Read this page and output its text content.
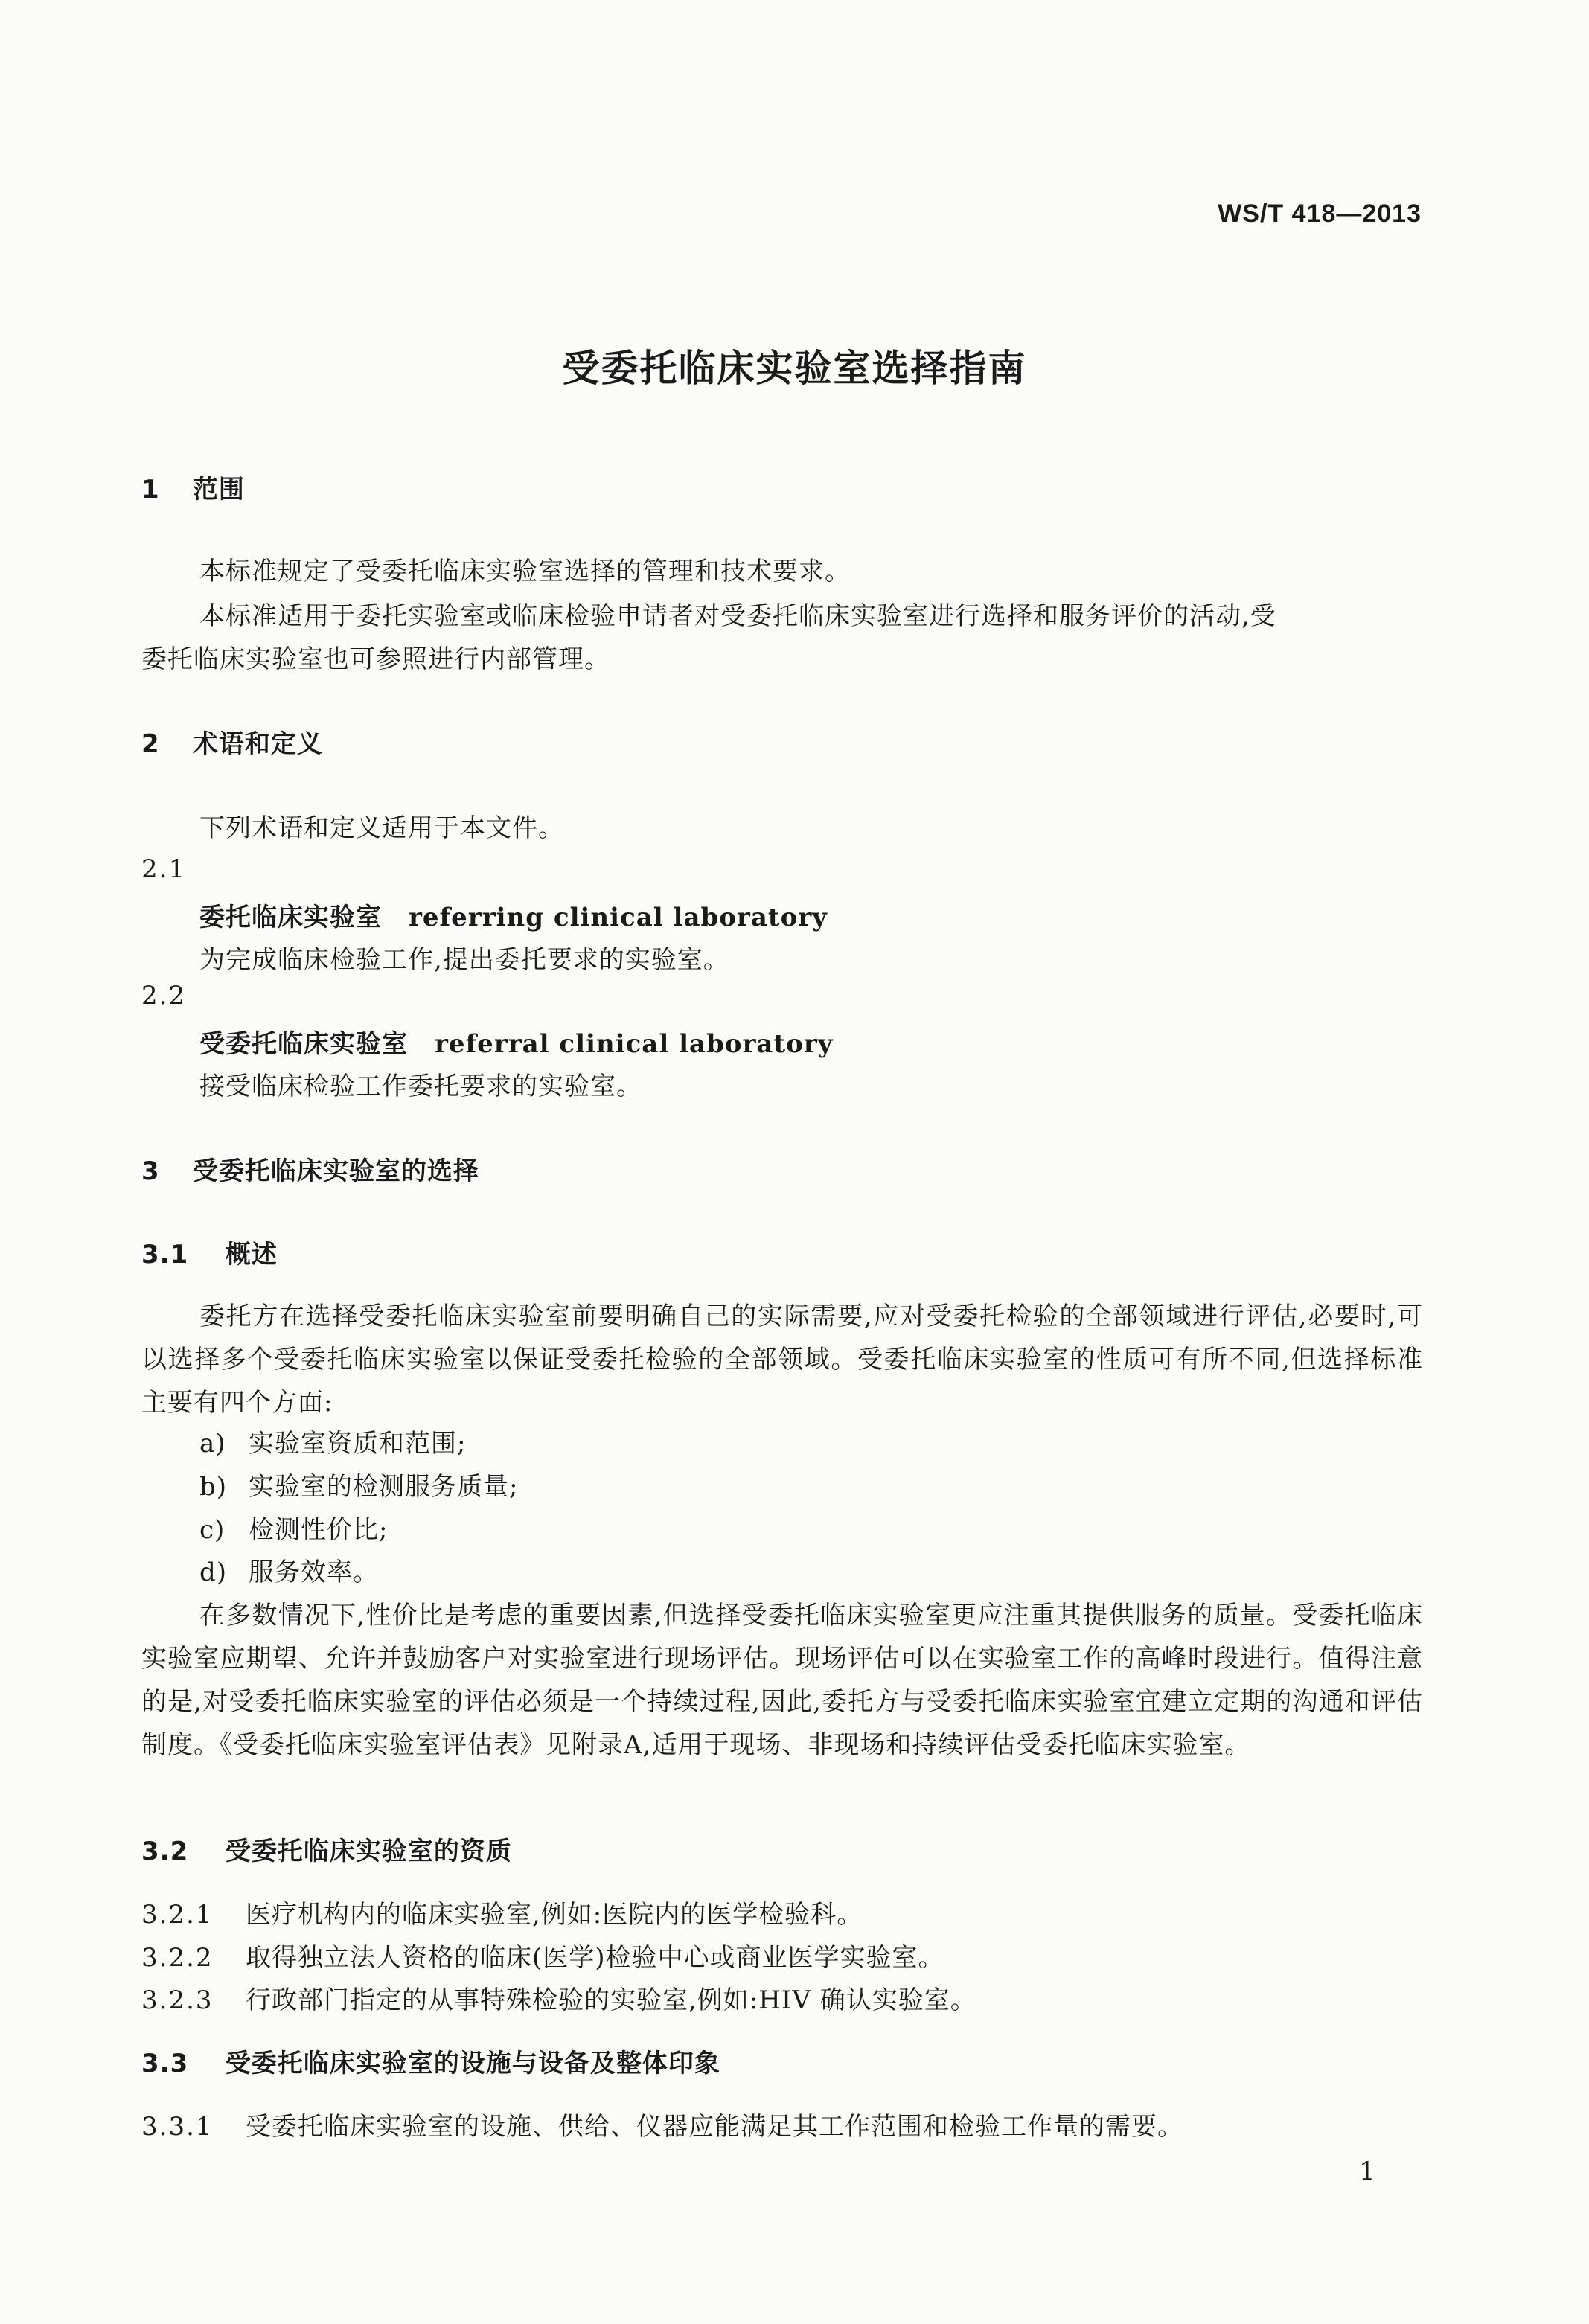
WS/T 418—2013
受委托临床实验室选择指南
1 范围
本标准规定了受委托临床实验室选择的管理和技术要求。
本标准适用于委托实验室或临床检验申请者对受委托临床实验室进行选择和服务评价的活动,受
委托临床实验室也可参照进行内部管理。
2 术语和定义
下列术语和定义适用于本文件。
2.1
委托临床实验室 referring clinical laboratory
为完成临床检验工作,提出委托要求的实验室。
2.2
受委托临床实验室 referral clinical laboratory
接受临床检验工作委托要求的实验室。
3 受委托临床实验室的选择
3.1 概述
委托方在选择受委托临床实验室前要明确自己的实际需要,应对受委托检验的全部领域进行评估,必要时,可以选择多个受委托临床实验室以保证受委托检验的全部领域。受委托临床实验室的性质可有所不同,但选择标准主要有四个方面:
a) 实验室资质和范围;
b) 实验室的检测服务质量;
c) 检测性价比;
d) 服务效率。
在多数情况下,性价比是考虑的重要因素,但选择受委托临床实验室更应注重其提供服务的质量。受委托临床实验室应期望、允许并鼓励客户对实验室进行现场评估。现场评估可以在实验室工作的高峰时段进行。值得注意的是,对受委托临床实验室的评估必须是一个持续过程,因此,委托方与受委托临床实验室宜建立定期的沟通和评估制度。《受委托临床实验室评估表》见附录A,适用于现场、非现场和持续评估受委托临床实验室。
3.2 受委托临床实验室的资质
3.2.1 医疗机构内的临床实验室,例如:医院内的医学检验科。
3.2.2 取得独立法人资格的临床(医学)检验中心或商业医学实验室。
3.2.3 行政部门指定的从事特殊检验的实验室,例如:HIV 确认实验室。
3.3 受委托临床实验室的设施与设备及整体印象
3.3.1 受委托临床实验室的设施、供给、仪器应能满足其工作范围和检验工作量的需要。
1
